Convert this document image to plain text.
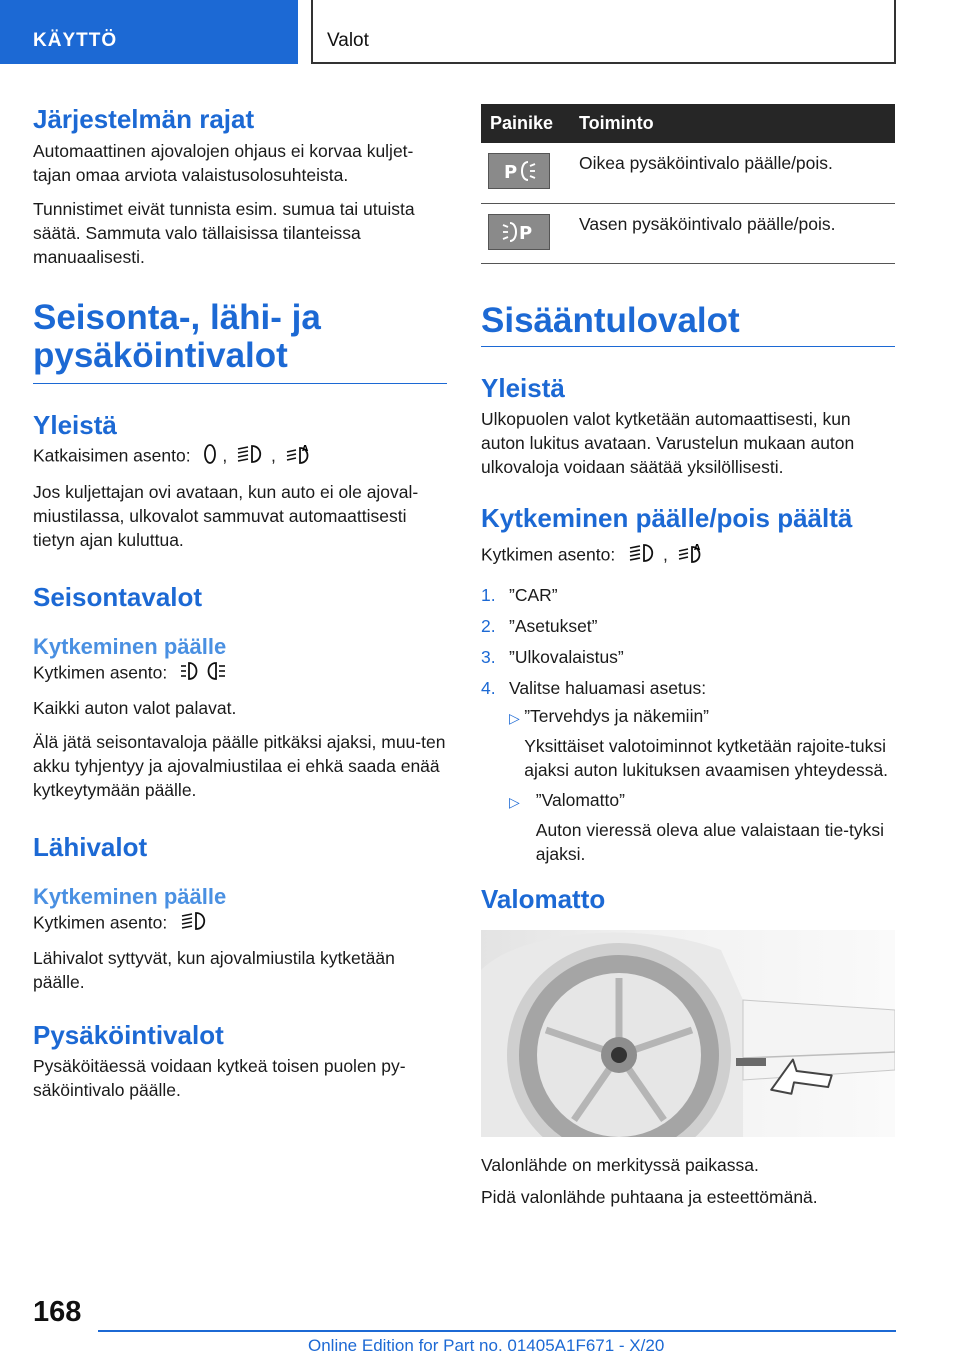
KÄYTTÖ	Valot
Järjestelmän rajat

Automaattinen ajovalojen ohjaus ei korvaa kuljet-tajan omaa arviota valaistusolosuhteista.

Tunnistimet eivät tunnista esim. sumua tai utuista säätä. Sammuta valo tällaisissa tilanteissa manuaalisesti.

Seisonta-, lähi- ja
pysäköintivalot
Yleistä

Katkaisimen asento: ,	,	A

Jos kuljettajan ovi avataan, kun auto ei ole ajoval-miustilassa, ulkovalot sammuvat automaattisesti tietyn ajan kuluttua.

Seisontavalot
Kytkeminen päälle

Kytkimen asento:

Kaikki auton valot palavat.

Älä jätä seisontavaloja päälle pitkäksi ajaksi, muu-ten akku tyhjentyy ja ajovalmiustilaa ei ehkä saada enää kytkeytymään päälle.

Lähivalot
Kytkeminen päälle

Kytkimen asento:

Lähivalot syttyvät, kun ajovalmiustila kytketään päälle.

Pysäköintivalot

Pysäköitäessä voidaan kytkeä toisen puolen py-säköintivalo päälle.

Painike	Toiminto

P	Oikea pysäköintivalo päälle/pois.

P	Vasen pysäköintivalo päälle/pois.
Sisääntulovalot
Yleistä

Ulkopuolen valot kytketään automaattisesti, kun auton lukitus avataan. Varustelun mukaan auton ulkovaloja voidaan säätää yksilöllisesti.

Kytkeminen päälle/pois päältä

Kytkimen asento:	,	A

1. ”CAR”
2. ”Asetukset”
3. ”Ulkovalaistus”
4. Valitse haluamasi asetus:
▷ ”Tervehdys ja näkemiin”
Yksittäiset valotoiminnot kytketään rajoite-tuksi ajaksi auton lukituksen avaamisen yhteydessä.
▷ ”Valomatto”
Auton vieressä oleva alue valaistaan tie-tyksi ajaksi.
Valomatto

Valonlähde on merkityssä paikassa.

Pidä valonlähde puhtaana ja esteettömänä.

168
Online Edition for Part no. 01405A1F671 - X/20
